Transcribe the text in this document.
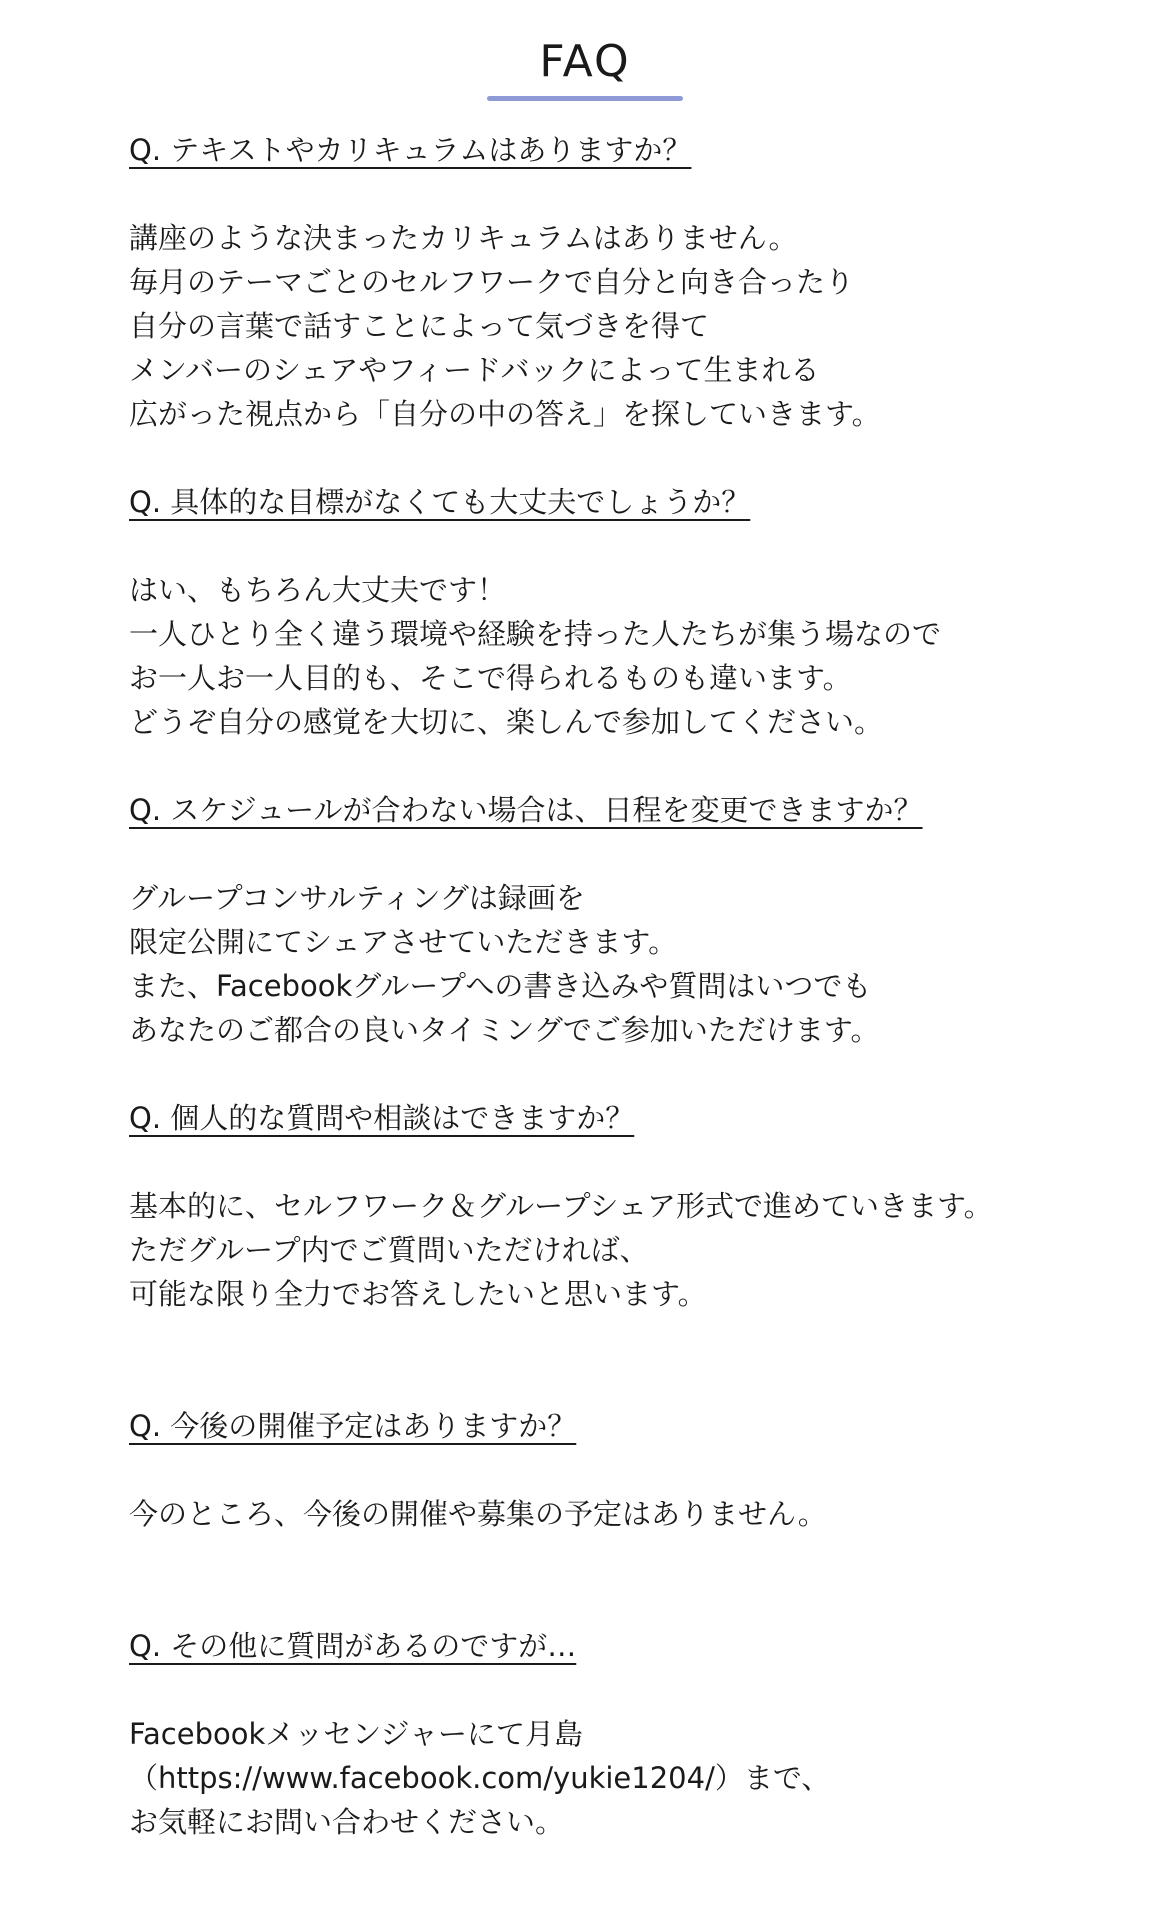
FAQ
Q. テキストやカリキュラムはありますか？
講座のような決まったカリキュラムはありません。
毎月のテーマごとのセルフワークで自分と向き合ったり
自分の言葉で話すことによって気づきを得て
メンバーのシェアやフィードバックによって生まれる
広がった視点から「自分の中の答え」を探していきます。
Q. 具体的な目標がなくても大丈夫でしょうか？
はい、もちろん大丈夫です！
一人ひとり全く違う環境や経験を持った人たちが集う場なので
お一人お一人目的も、そこで得られるものも違います。
どうぞ自分の感覚を大切に、楽しんで参加してください。
Q. スケジュールが合わない場合は、日程を変更できますか？
グループコンサルティングは録画を
限定公開にてシェアさせていただきます。
また、Facebookグループへの書き込みや質問はいつでも
あなたのご都合の良いタイミングでご参加いただけます。
Q. 個人的な質問や相談はできますか？
基本的に、セルフワーク＆グループシェア形式で進めていきます。
ただグループ内でご質問いただければ、
可能な限り全力でお答えしたいと思います。
Q. 今後の開催予定はありますか？
今のところ、今後の開催や募集の予定はありません。
Q. その他に質問があるのですが…
Facebookメッセンジャーにて月島
（https://www.facebook.com/yukie1204/）まで、
お気軽にお問い合わせください。
